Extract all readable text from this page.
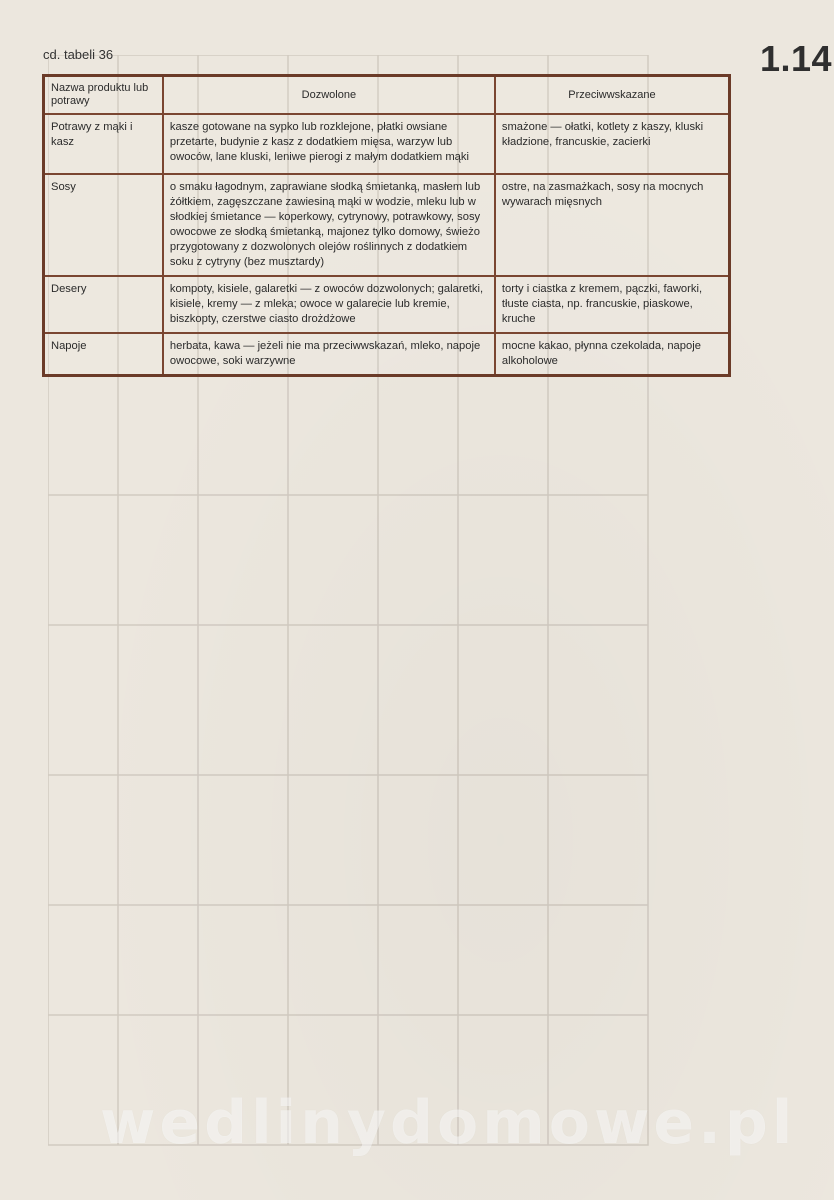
cd. tabeli 36	1.14
Nazwa produktu lub potrawy	Dozwolone	Przeciwwskazane
Potrawy z mąki i kasz	kasze gotowane na sypko lub rozklejone, płatki owsiane przetarte, budynie z kasz z dodatkiem mięsa, warzyw lub owoców, lane kluski, leniwe pierogi z małym dodatkiem mąki	smażone — ołatki, kotlety z kaszy, kluski kładzione, francuskie, zacierki
Sosy	o smaku łagodnym, zaprawiane słodką śmietanką, masłem lub żółtkiem, zagęszczane zawiesiną mąki w wodzie, mleku lub w słodkiej śmietance — koperkowy, cytrynowy, potrawkowy, sosy owocowe ze słodką śmietanką, majonez tylko domowy, świeżo przygotowany z dozwolonych olejów roślinnych z dodatkiem soku z cytryny (bez musztardy)	ostre, na zasmażkach, sosy na mocnych wywarach mięsnych
Desery	kompoty, kisiele, galaretki — z owoców dozwolonych; galaretki, kisiele, kremy — z mleka; owoce w galarecie lub kremie, biszkopty, czerstwe ciasto drożdżowe	torty i ciastka z kremem, pączki, faworki, tłuste ciasta, np. francuskie, piaskowe, kruche
Napoje	herbata, kawa — jeżeli nie ma przeciwwskazań, mleko, napoje owocowe, soki warzywne	mocne kakao, płynna czekolada, napoje alkoholowe
wedlinydomowe.pl
